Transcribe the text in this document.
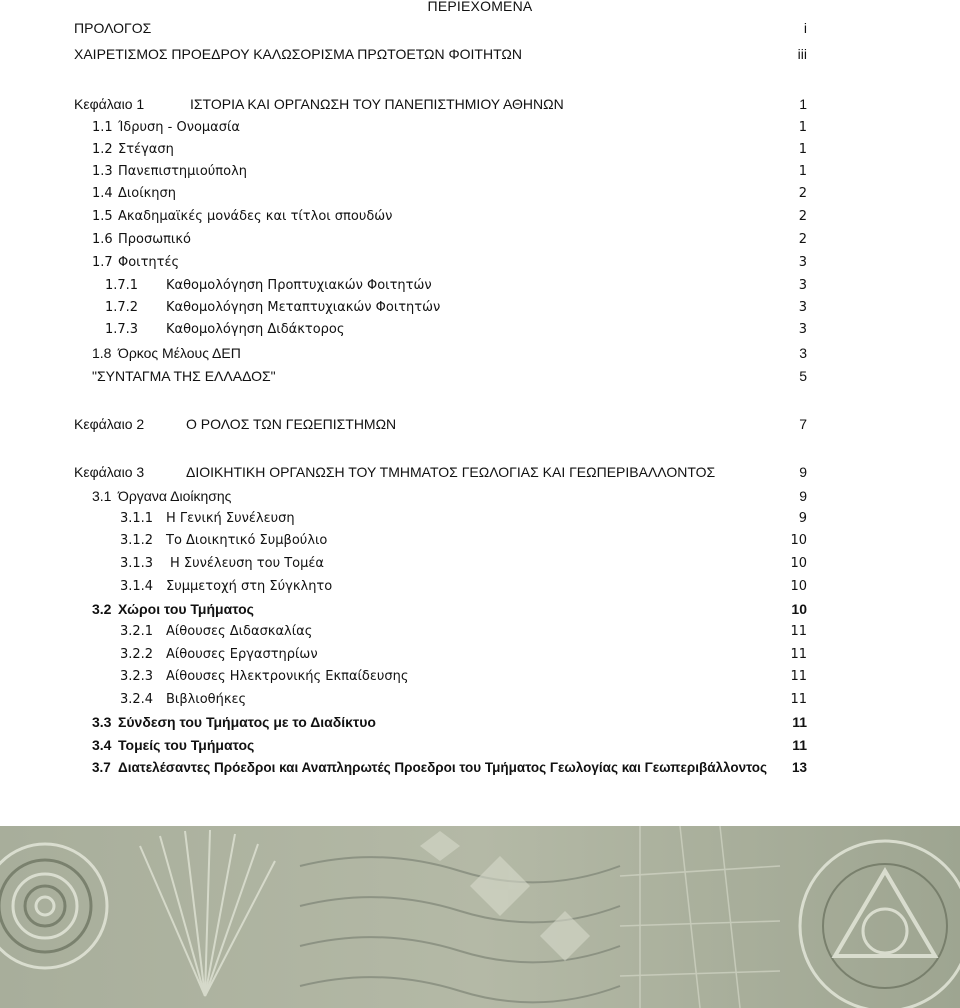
ΠΕΡΙΕΧΟΜΕΝΑ
ΠΡΟΛΟΓΟΣ	i
ΧΑΙΡΕΤΙΣΜΟΣ ΠΡΟΕΔΡΟΥ ΚΑΛΩΣΟΡΙΣΜΑ ΠΡΩΤΟΕΤΩΝ ΦΟΙΤΗΤΩΝ	iii
Κεφάλαιο 1	ΙΣΤΟΡΙΑ ΚΑΙ ΟΡΓΑΝΩΣΗ ΤΟΥ ΠΑΝΕΠΙΣΤΗΜΙΟΥ ΑΘΗΝΩΝ	1
1.1 Ίδρυση - Ονομασία	1
1.2 Στέγαση	1
1.3 Πανεπιστημιούπολη	1
1.4 Διοίκηση	2
1.5 Ακαδημαϊκές μονάδες και τίτλοι σπουδών	2
1.6 Προσωπικό	2
1.7 Φοιτητές	3
1.7.1 Καθομολόγηση Προπτυχιακών Φοιτητών	3
1.7.2 Καθομολόγηση Μεταπτυχιακών Φοιτητών	3
1.7.3 Καθομολόγηση Διδάκτορος	3
1.8 Όρκος Μέλους ΔΕΠ	3
"ΣΥΝΤΑΓΜΑ ΤΗΣ ΕΛΛΑΔΟΣ"	5
Κεφάλαιο 2	Ο ΡΟΛΟΣ ΤΩΝ ΓΕΩΕΠΙΣΤΗΜΩΝ	7
Κεφάλαιο 3	ΔΙΟΙΚΗΤΙΚΗ ΟΡΓΑΝΩΣΗ ΤΟΥ ΤΜΗΜΑΤΟΣ ΓΕΩΛΟΓΙΑΣ ΚΑΙ ΓΕΩΠΕΡΙΒΑΛΛΟΝΤΟΣ	9
3.1 Όργανα Διοίκησης	9
3.1.1 Η Γενική Συνέλευση	9
3.1.2 Το Διοικητικό Συμβούλιο	10
3.1.3 Η Συνέλευση του Τομέα	10
3.1.4 Συμμετοχή στη Σύγκλητο	10
3.2 Χώροι του Τμήματος	10
3.2.1 Αίθουσες Διδασκαλίας	11
3.2.2 Αίθουσες Εργαστηρίων	11
3.2.3 Αίθουσες Ηλεκτρονικής Εκπαίδευσης	11
3.2.4 Βιβλιοθήκες	11
3.3 Σύνδεση του Τμήματος με το Διαδίκτυο	11
3.4 Τομείς του Τμήματος	11
3.7 Διατελέσαντες Πρόεδροι και Αναπληρωτές Προεδροι του Τμήματος Γεωλογίας και Γεωπεριβάλλοντος 13
